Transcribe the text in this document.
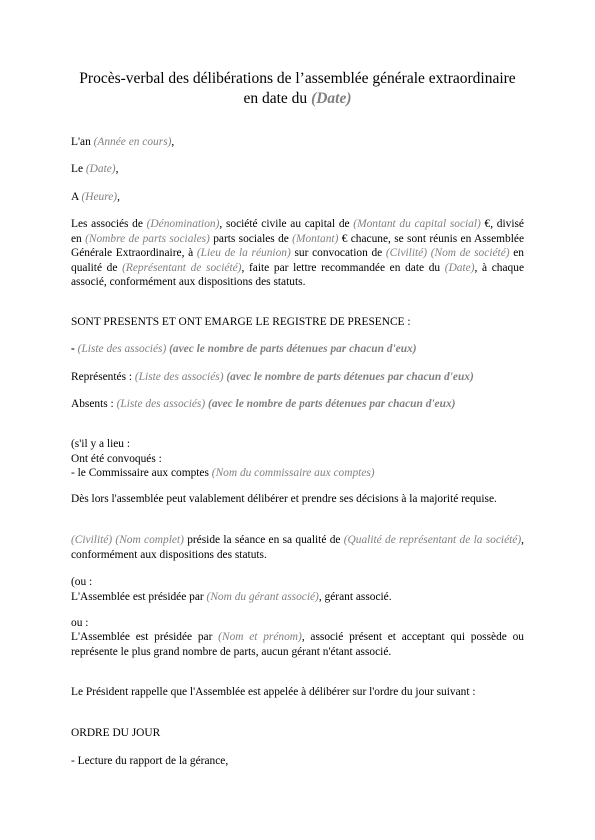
Procès-verbal des délibérations de l’assemblée générale extraordinaire
en date du (Date)
L'an (Année en cours),
Le (Date),
A (Heure),
Les associés de (Dénomination), société civile au capital de (Montant du capital social) €, divisé en (Nombre de parts sociales) parts sociales de (Montant) € chacune, se sont réunis en Assemblée Générale Extraordinaire, à (Lieu de la réunion) sur convocation de (Civilité) (Nom de société) en qualité de (Représentant de société), faite par lettre recommandée en date du (Date), à chaque associé, conformément aux dispositions des statuts.
SONT PRESENTS ET ONT EMARGE LE REGISTRE DE PRESENCE :
- (Liste des associés) (avec le nombre de parts détenues par chacun d'eux)
Représentés : (Liste des associés) (avec le nombre de parts détenues par chacun d'eux)
Absents : (Liste des associés) (avec le nombre de parts détenues par chacun d'eux)
(s'il y a lieu :
Ont été convoqués :
- le Commissaire aux comptes (Nom du commissaire aux comptes)
Dès lors l'assemblée peut valablement délibérer et prendre ses décisions à la majorité requise.
(Civilité) (Nom complet) préside la séance en sa qualité de (Qualité de représentant de la société), conformément aux dispositions des statuts.
(ou :
L'Assemblée est présidée par (Nom du gérant associé), gérant associé.
ou :
L'Assemblée est présidée par (Nom et prénom), associé présent et acceptant qui possède ou représente le plus grand nombre de parts, aucun gérant n'étant associé.
Le Président rappelle que l'Assemblée est appelée à délibérer sur l'ordre du jour suivant :
ORDRE DU JOUR
- Lecture du rapport de la gérance,
